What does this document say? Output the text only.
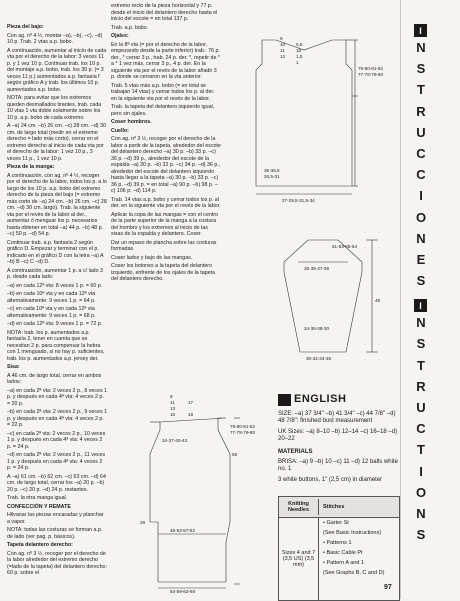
Pieza del bajo:

Con ag. nº 4 ½, montar –a), –b), –c), –d) 10 p. Trab. 2 vtas a.p. bobo.

A continuación, aumentar al inicio de cada vta por el derecho de la labor: 3 veces 11 p. y 1 vez 10 p. Continuar trab. los 10 p. del montaje a.p. bobo, trab. los 30 p. (= 3 veces 11 p.) aumentados a.p. fantasía f según gráfico A y trab. los últimos 10 p. aumentados a.p. bobo.

NOTA: para evitar que los extremos queden desmallados tirantes, trab. cada 10 vtas 1 vta doble solamente sobre los 10 p. a.p. bobo de cada extremo.

A –a) 24 cm. –b) 26 cm. –c) 28 cm. –d) 30 cm. de largo total (medir en el extremo derecho = lado más corto), cerrar en el extremo derecho al inicio de cada vta por el derecho de la labor: 1 vez 10 p., 3 veces 11 p., 1 vez 10 p.

Pieza de la manga:

A continuación, con ag. nº 4 ½, recoger por el derecho de la labor, todos los p. a lo largo de los 10 p. a.p. bobo del extremo derecho de la pieza del bajo (= extremo más corto de –a) 24 cm. –b) 26 cm. –c) 28 cm. –d) 30 cm. largo). Trab. la siguiente vta por el revés de la labor al der., aumentar ó menguar los p. necesarios hasta obtener en total –a) 44 p. –b) 48 p. –c) 50 p. –d) 54 p.

Continuar trab. a.p. fantasía 2 según gráfico D. Empezar y terminar con el p. indicado en el gráfico D con la letra –a) A –b) B –c) C –d) D.

A continuación, aumentar 1 p. a c/ lado 3 p. desde cada lado:

–a) en cada 12ª vta: 8 veces 1 p. = 60 p.

–b) en cada 10ª vta y en cada 12ª vta alternativamente: 9 veces 1 p. = 64 p.

–c) en cada 10ª vta y en cada 12ª vta alternativamente: 9 veces 1 p. = 68 p.

–d) en cada 12ª vta: 9 veces 1 p. = 72 p.

NOTA: trab. los p. aumentados a.p. fantasía 2, tener en cuenta que se necesitan 2 p. para compensar la hebra con 1 menguado, si no hay p. suficientes, trab. los p. aumentados a.p. jersey der.

Sisa:

A 46 cm. de largo total, cerrar en ambos lados:

–a) en cada 2ª vta: 2 veces 2 p., 8 veces 1 p. y después en cada 4ª vta: 4 veces 2 p. = 20 p.

–b) en cada 2ª vta: 2 veces 2 p., 9 veces 1 p. y después en cada 4ª vta: 4 veces 2 p. = 22 p.

–c) en cada 2ª vta: 2 veces 2 p., 10 veces 1 p. y después en cada 4ª vta: 4 veces 2 p. = 24 p.

–d) en cada 2ª vta: 2 veces 2 p., 11 veces 1 p. y después en cada 4ª vta: 4 veces 2 p. = 24 p.

A –a) 61 cm. –b) 62 cm. –c) 63 cm. –d) 64 cm. de largo total, cerrar los –a) 20 p. –b) 20 p. –c) 20 p. –d) 24 p. restantes.

Trab. la otra manga igual.

CONFECCIÓN Y REMATE

Hilvanar las piezas encaradas y planchar a vapor.

NOTA: todas las costuras se forman a.p. de lado (ver pag. p. básicos).

Tapeta delantero derecho:

Con ag. nº 3 ½, recoger por el derecho de la labor alrededor del extremo derecho (=lado de la tapeta) del delantero derecho: 60 p. sobre el

extremo recto de la pieza horizontal y 77 p. desde el inicio del delantero derecho hasta el inicio del escote = en total 137 p.

Trab. a.p. bobo.

Ojales:

En la 8ª vta (= por el derecho de la labor, empezando desde la parte inferior) trab.: 76 p. der., * cerrar 3 p., trab. 24 p. der. *, repetir de * a * 1 vez más, cerrar 3 p., 4 p. der. En la siguiente vta por el revés de la labor añadir 3 p. donde se cerraron en la vta anterior.

Trab. 5 vtas más a.p. bobo (= en total se trabajan 14 vtas) y cerrar todos los p. al der. en la siguiente vta por el revés de la labor.

Trab. la tapeta del delantero izquierdo igual, pero sin ojales.

Coser hombros.

Cuello:

Con ag. nº 3 ½, recoger por el derecho de la labor a partir de la tapeta, alrededor del escote del delantero derecho –a) 30 p. –b) 33 p. –c) 36 p. –d) 39 p., alrededor del escote de la espalda –a) 30 p. –b) 32 p. –c) 34 p. –d) 36 p., alrededor del escote del delantero izquierdo hasta llegar a la tapeta –a) 30 p. –b) 33 p. –c) 36 p. –d) 39 p. = en total –a) 90 p. –b) 98 p. –c) 106 p. –d) 114 p.

Trab. 14 vtas a.p. bobo y cerrar todos los p. al der. en la siguiente vta por el revés de la labor.

Aplicar la copa de las mangas = con el centro de la parte superior de la manga a la costura del hombro y los extremos al inicio de las sisas de la espalda y delantero. Coser.

Dar un repaso de plancha sobre las costuras formadas.

Coser lados y bajo de las mangas.

Coser los botones a la tapeta del delantero izquierdo, enfrente de los ojales de la tapeta del delantero derecho.

9
10
11
12
0,5
15
1,5
1
79-80-81-82
77-78-79-80
36-36,5
26,5-31
27-29,5-31,5-34
61-63-65-64
35-35-37-39
46
34-36-38-30
30-32-34-36
9
11
13
16
17
18
79-80-81-82
77-78-79-80
34-37-40-43
58
29
48-53-57-62
54-59-63-68
ENGLISH

SIZE: –a) 37 3/4" –b) 41 3/4" –c) 44 7/8" –d) 48 7/8": finished bust measurement

UK Sizes: –a) 8–10 –b) 12–14 –c) 16–18 –d) 20–22

MATERIALS

BRISA: –a) 9 –b) 10 –c) 11 –d) 12 balls white no. 1

3 white buttons, 1" (2,5 cm) in diameter

Knitting Needles	Stitches
Sizes 4 and 7 (3,5 US) (3,5 mm)
• Garter St
(See Basic Instructions)
• Patterns 1
• Basic Cable Pt
• Pattern A and 1
(See Graphs B, C and D)
I
N
S
T
R
U
C
C
I
O
N
E
S
I
N
S
T
R
U
C
T
I
O
N
S
97
